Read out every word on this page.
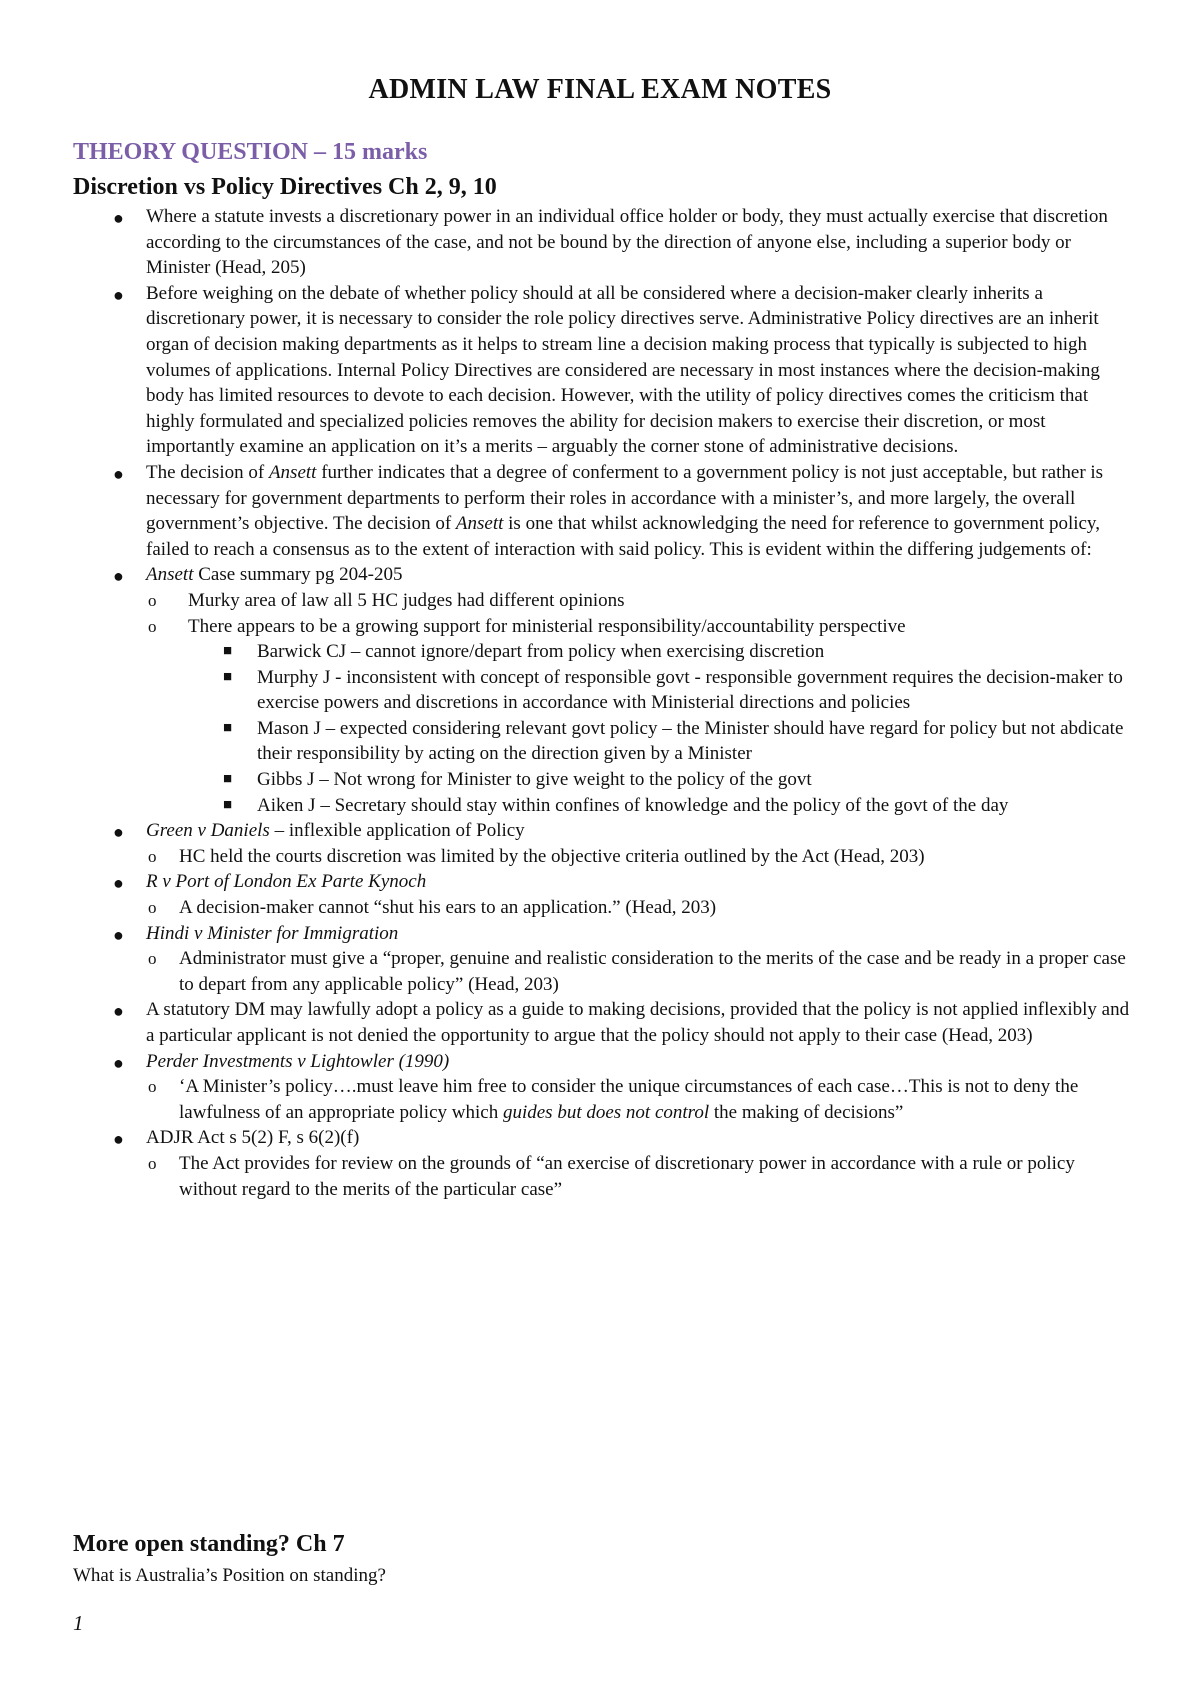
ADMIN LAW FINAL EXAM NOTES
THEORY QUESTION – 15 marks
Discretion vs Policy Directives Ch 2, 9, 10
● Where a statute invests a discretionary power in an individual office holder or body, they must actually exercise that discretion according to the circumstances of the case, and not be bound by the direction of anyone else, including a superior body or Minister (Head, 205)
● Before weighing on the debate of whether policy should at all be considered where a decision-maker clearly inherits a discretionary power, it is necessary to consider the role policy directives serve. Administrative Policy directives are an inherit organ of decision making departments as it helps to stream line a decision making process that typically is subjected to high volumes of applications. Internal Policy Directives are considered are necessary in most instances where the decision-making body has limited resources to devote to each decision. However, with the utility of policy directives comes the criticism that highly formulated and specialized policies removes the ability for decision makers to exercise their discretion, or most importantly examine an application on it’s a merits – arguably the corner stone of administrative decisions.
● The decision of Ansett further indicates that a degree of conferment to a government policy is not just acceptable, but rather is necessary for government departments to perform their roles in accordance with a minister’s, and more largely, the overall government’s objective. The decision of Ansett is one that whilst acknowledging the need for reference to government policy, failed to reach a consensus as to the extent of interaction with said policy. This is evident within the differing judgements of:
● Ansett Case summary pg 204-205
o Murky area of law all 5 HC judges had different opinions
o There appears to be a growing support for ministerial responsibility/accountability perspective
■ Barwick CJ – cannot ignore/depart from policy when exercising discretion
■ Murphy J - inconsistent with concept of responsible govt - responsible government requires the decision-maker to exercise powers and discretions in accordance with Ministerial directions and policies
■ Mason J – expected considering relevant govt policy – the Minister should have regard for policy but not abdicate their responsibility by acting on the direction given by a Minister
■ Gibbs J – Not wrong for Minister to give weight to the policy of the govt
■ Aiken J – Secretary should stay within confines of knowledge and the policy of the govt of the day
● Green v Daniels – inflexible application of Policy
o HC held the courts discretion was limited by the objective criteria outlined by the Act (Head, 203)
● R v Port of London Ex Parte Kynoch
o A decision-maker cannot “shut his ears to an application.” (Head, 203)
● Hindi v Minister for Immigration
o Administrator must give a “proper, genuine and realistic consideration to the merits of the case and be ready in a proper case to depart from any applicable policy” (Head, 203)
● A statutory DM may lawfully adopt a policy as a guide to making decisions, provided that the policy is not applied inflexibly and a particular applicant is not denied the opportunity to argue that the policy should not apply to their case (Head, 203)
● Perder Investments v Lightowler (1990)
o ‘A Minister’s policy….must leave him free to consider the unique circumstances of each case…This is not to deny the lawfulness of an appropriate policy which guides but does not control the making of decisions”
● ADJR Act s 5(2) F, s 6(2)(f)
o The Act provides for review on the grounds of “an exercise of discretionary power in accordance with a rule or policy without regard to the merits of the particular case”
More open standing? Ch 7

What is Australia’s Position on standing?

1
